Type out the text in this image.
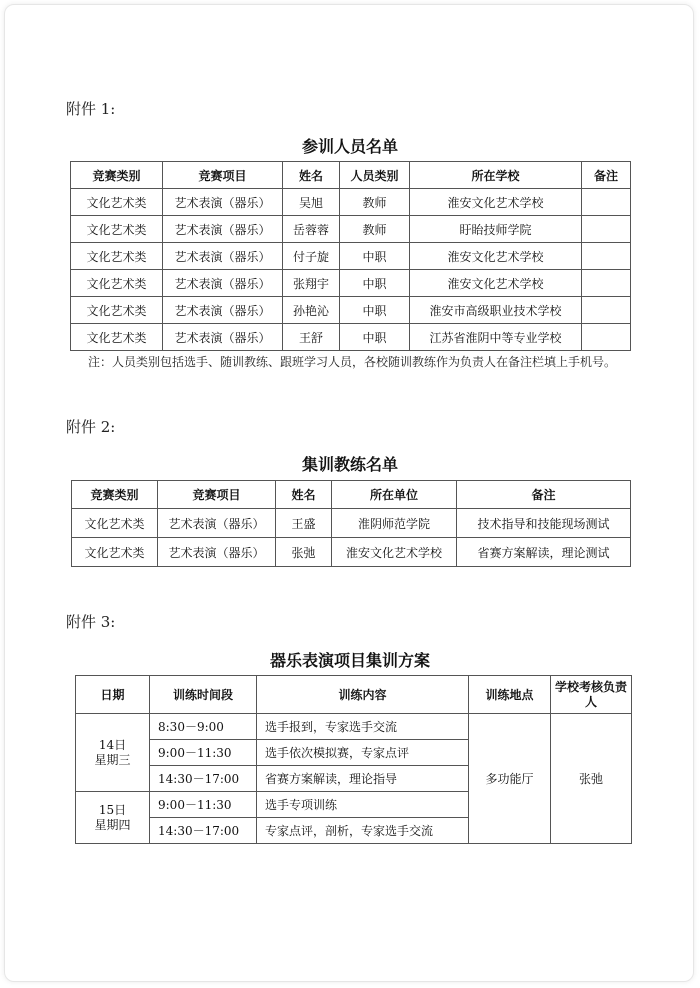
附件 1:
参训人员名单
竞赛类别	竞赛项目	姓名	人员类别	所在学校	备注
文化艺术类	艺术表演（器乐）	吴旭	教师	淮安文化艺术学校	
文化艺术类	艺术表演（器乐）	岳蓉蓉	教师	盱眙技师学院	
文化艺术类	艺术表演（器乐）	付子旋	中职	淮安文化艺术学校	
文化艺术类	艺术表演（器乐）	张翔宇	中职	淮安文化艺术学校	
文化艺术类	艺术表演（器乐）	孙艳沁	中职	淮安市高级职业技术学校	
文化艺术类	艺术表演（器乐）	王舒	中职	江苏省淮阴中等专业学校	
注：人员类别包括选手、随训教练、跟班学习人员，各校随训教练作为负责人在备注栏填上手机号。
附件 2:
集训教练名单
竞赛类别	竞赛项目	姓名	所在单位	备注
文化艺术类	艺术表演（器乐）	王盛	淮阴师范学院	技术指导和技能现场测试
文化艺术类	艺术表演（器乐）	张弛	淮安文化艺术学校	省赛方案解读，理论测试
附件 3:
器乐表演项目集训方案
日期	训练时间段	训练内容	训练地点	学校考核负责人

14日
星期三	8:30－9:00	选手报到，专家选手交流	多功能厅	张弛
	9:00－11:30	选手依次模拟赛，专家点评		
	14:30－17:00	省赛方案解读，理论指导		

15日
星期四	9:00－11:30	选手专项训练		
	14:30－17:00	专家点评，剖析，专家选手交流		
